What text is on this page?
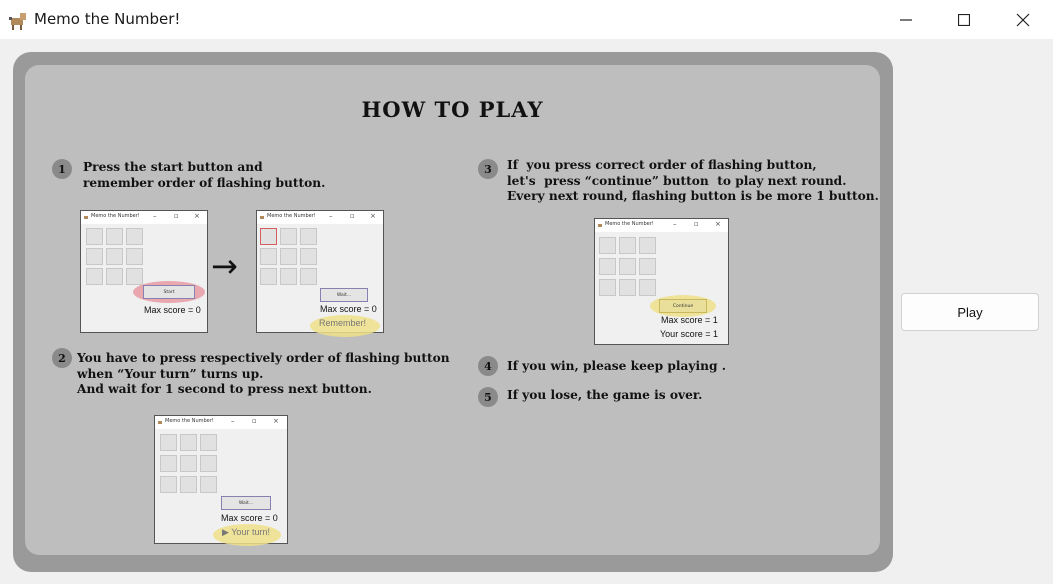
Memo the Number!
HOW TO PLAY
1	Press the start button and
remember order of flashing button.
Memo the Number! –	▫ ×
Start
Max score = 0
→
Memo the Number! –	▫ ×
Wait...
Max score = 0
Remember!
2 You have to press respectively order of flashing button
when “Your turn” turns up.
And wait for 1 second to press next button.
Memo the Number! –	▫ ×
Wait...
Max score = 0
▶ Your turn!
3	If  you press correct order of flashing button,
let's  press “continue” button  to play next round.
Every next round, flashing button is be more 1 button.
Memo the Number!	–	▫ ×
Continue
Max score = 1
Your score = 1
4	If you win, please keep playing .
5	If you lose, the game is over.
Play
